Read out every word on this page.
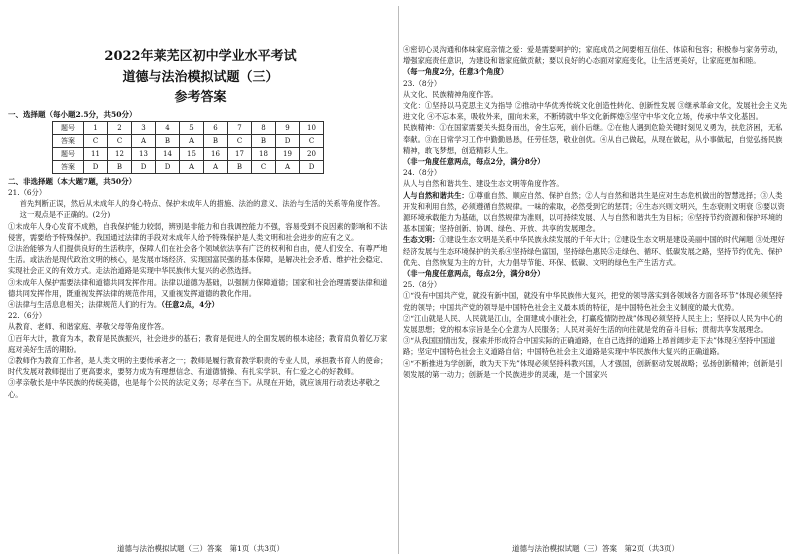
2022年莱芜区初中学业水平考试
道德与法治模拟试题（三）
参考答案
一、选择题（每小题2.5分，共50分）
题号	1	2	3	4	5	6	7	8	9	10
答案	C	C	A	B	A	B	C	B	D	C
题号	11	12	13	14	15	16	17	18	19	20
答案	D	B	D	D	A	A	B	C	A	D
二、非选择题（本大题7题，共50分）

21.（6分）

首先判断正误，然后从未成年人的身心特点、保护未成年人的措施、法治的意义、法治与生活的关系等角度作答。

这一观点是不正确的。(2分)

①未成年人身心发育不成熟，自我保护能力较弱，辨别是非能力和自我调控能力不强，容易受到不良因素的影响和不法侵害，需要给予特殊保护。我国通过法律的手段对未成年人给予特殊保护是人类文明和社会进步的应有之义。

②法治能够为人们提供良好的生活秩序，保障人们在社会各个领域依法享有广泛的权利和自由，使人们安全、有尊严地生活。或法治是现代政治文明的核心，是发展市场经济、实现国富民强的基本保障，是解决社会矛盾、维护社会稳定、实现社会正义的有效方式。走法治道路是实现中华民族伟大复兴的必然选择。

③未成年人保护需要法律和道德共同发挥作用。法律以道德为基础，以强制力保障道德；国家和社会治理需要法律和道德共同发挥作用，既重视发挥法律的规范作用，又重视发挥道德的教化作用。

④法律与生活息息相关；法律规范人们的行为。（任意2点，4分）

22.（6分）

从教育、老师、和谐家庭、孝敬父母等角度作答。

①百年大计，教育为本，教育是民族振兴，社会进步的基石；教育是促进人的全面发展的根本途径；教育肩负着亿万家庭对美好生活的期盼。

②教师作为教育工作者，是人类文明的主要传承者之一；教师是履行教育教学职责的专业人员，承担教书育人的使命；时代发展对教师提出了更高要求，要努力成为有理想信念、有道德情操、有扎实学识、有仁爱之心的好教师。

③孝亲敬长是中华民族的传统美德，也是每个公民的法定义务；尽孝在当下。从现在开始，就应该用行动表达孝敬之心。

道德与法治模拟试题（三）答案　第1页（共3页）

④密切心灵沟通和体味家庭亲情之爱：爱是需要呵护的；家庭成员之间要相互信任、体谅和包容；积极参与家务劳动，增强家庭责任意识，为建设和谐家庭做贡献；要以良好的心态面对家庭变化，让生活更美好，让家庭更加和睦。

（每一角度2分，任意3个角度）

23.（8分）

从文化、民族精神角度作答。

文化：①坚持以马克思主义为指导 ②推动中华优秀传统文化创造性转化、创新性发展 ③继承革命文化，发展社会主义先进文化 ④不忘本来，吸收外来，面向未来，不断铸就中华文化新辉煌⑤坚守中华文化立场，传承中华文化基因。

民族精神：①在国家需要关头挺身而出，舍生忘死，前仆后继。②在他人遇到危险关键时刻见义勇为，扶危济困，无私奉献。③在日常学习工作中勤勤恳恳，任劳任怨，敬业创优。④从自己做起，从现在做起，从小事做起，自觉弘扬民族精神，敢飞梦想，创造精彩人生。

（非一角度任意两点，每点2分，满分8分）

24.（8分）

从人与自然和谐共生、建设生态文明等角度作答。

人与自然和谐共生：①尊重自然、顺应自然、保护自然；②人与自然和谐共生是应对生态危机做出的智慧选择；③人类开发和利用自然，必须遵循自然规律。一味的索取，必然受到它的惩罚；④生态兴则文明兴，生态衰则文明衰 ⑤要以资源环境承载能力为基础，以自然规律为准则，以可持续发展、人与自然和谐共生为目标；⑥坚持节约资源和保护环境的基本国策；坚持创新、协调、绿色、开放、共享的发展理念。

生态文明：①建设生态文明是关系中华民族永续发展的千年大计；②建设生态文明是建设美丽中国的时代阐题 ③处理好经济发展与生态环境保护的关系④坚持绿色富国，坚持绿色惠民⑤走绿色、循环、低碳发展之路，坚持节约优先、保护优先、自然恢复为主的方针，大力倡导节能、环保、低碳、文明的绿色生产生活方式。

（非一角度任意两点，每点2分，满分8分）

25.（8分）

①“没有中国共产党，就没有新中国，就没有中华民族伟大复兴，把党的领导落实到各领域各方面各环节”体现必须坚持党的领导；中国共产党的领导是中国特色社会主义最本质的特征，是中国特色社会主义制度的最大优势。

②“江山就是人民、人民就是江山，全面建成小康社会，打赢疫情防控战”体现必须坚持人民主上；坚持以人民为中心的发展思想；党的根本宗旨是全心全意为人民服务；人民对美好生活的向往就是党的奋斗目标；贯彻共享发展理念。

③“从我国国情出发，探索并形成符合中国实际的正确道路，在自己选择的道路上昂首阔步走下去”体现④坚持中国道路；坚定中国特色社会主义道路自信；中国特色社会主义道路是实现中华民族伟大复兴的正确道路。

④“不断推进为学创新，敢为天下先”体现必须坚持科教兴国，人才强国，创新驱动发展战略；弘扬创新精神；创新是引领发展的第一动力；创新是一个民族进步的灵魂，是一个国家兴

道德与法治模拟试题（三）答案　第2页（共3页）
